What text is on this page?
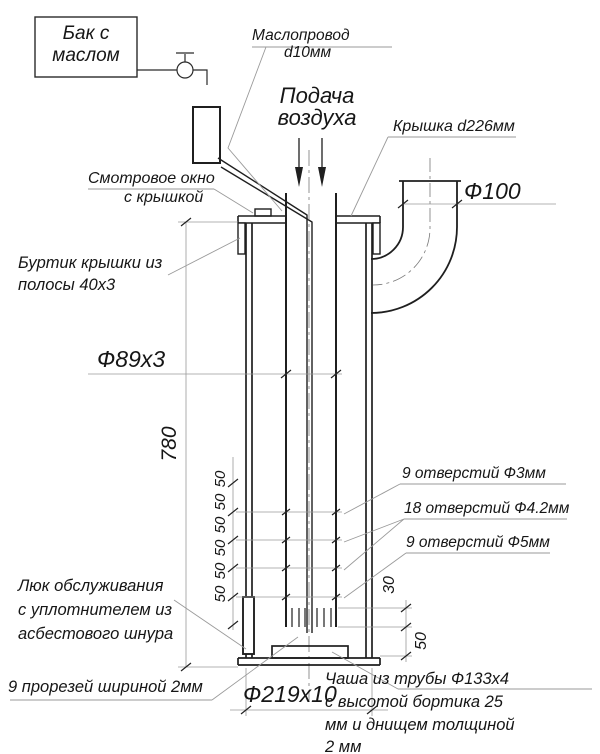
Бак с
маслом
Маслопровод
d10мм
Подача
воздуха	Крышка d226мм
Ф100
Смотровое окно
с крышкой
Буртик крышки из
полосы 40x3
Ф89x3
780
50
50
50
50
50
50
9 отверстий Ф3мм
18 отверстий Ф4.2мм
9 отверстий Ф5мм
30
50
Люк обслуживания
с уплотнителем из
асбестового шнура
9 прорезей шириной 2мм Ф219x10
Чаша из трубы Ф133x4
с высотой бортика 25
мм и днищем толщиной
2 мм
